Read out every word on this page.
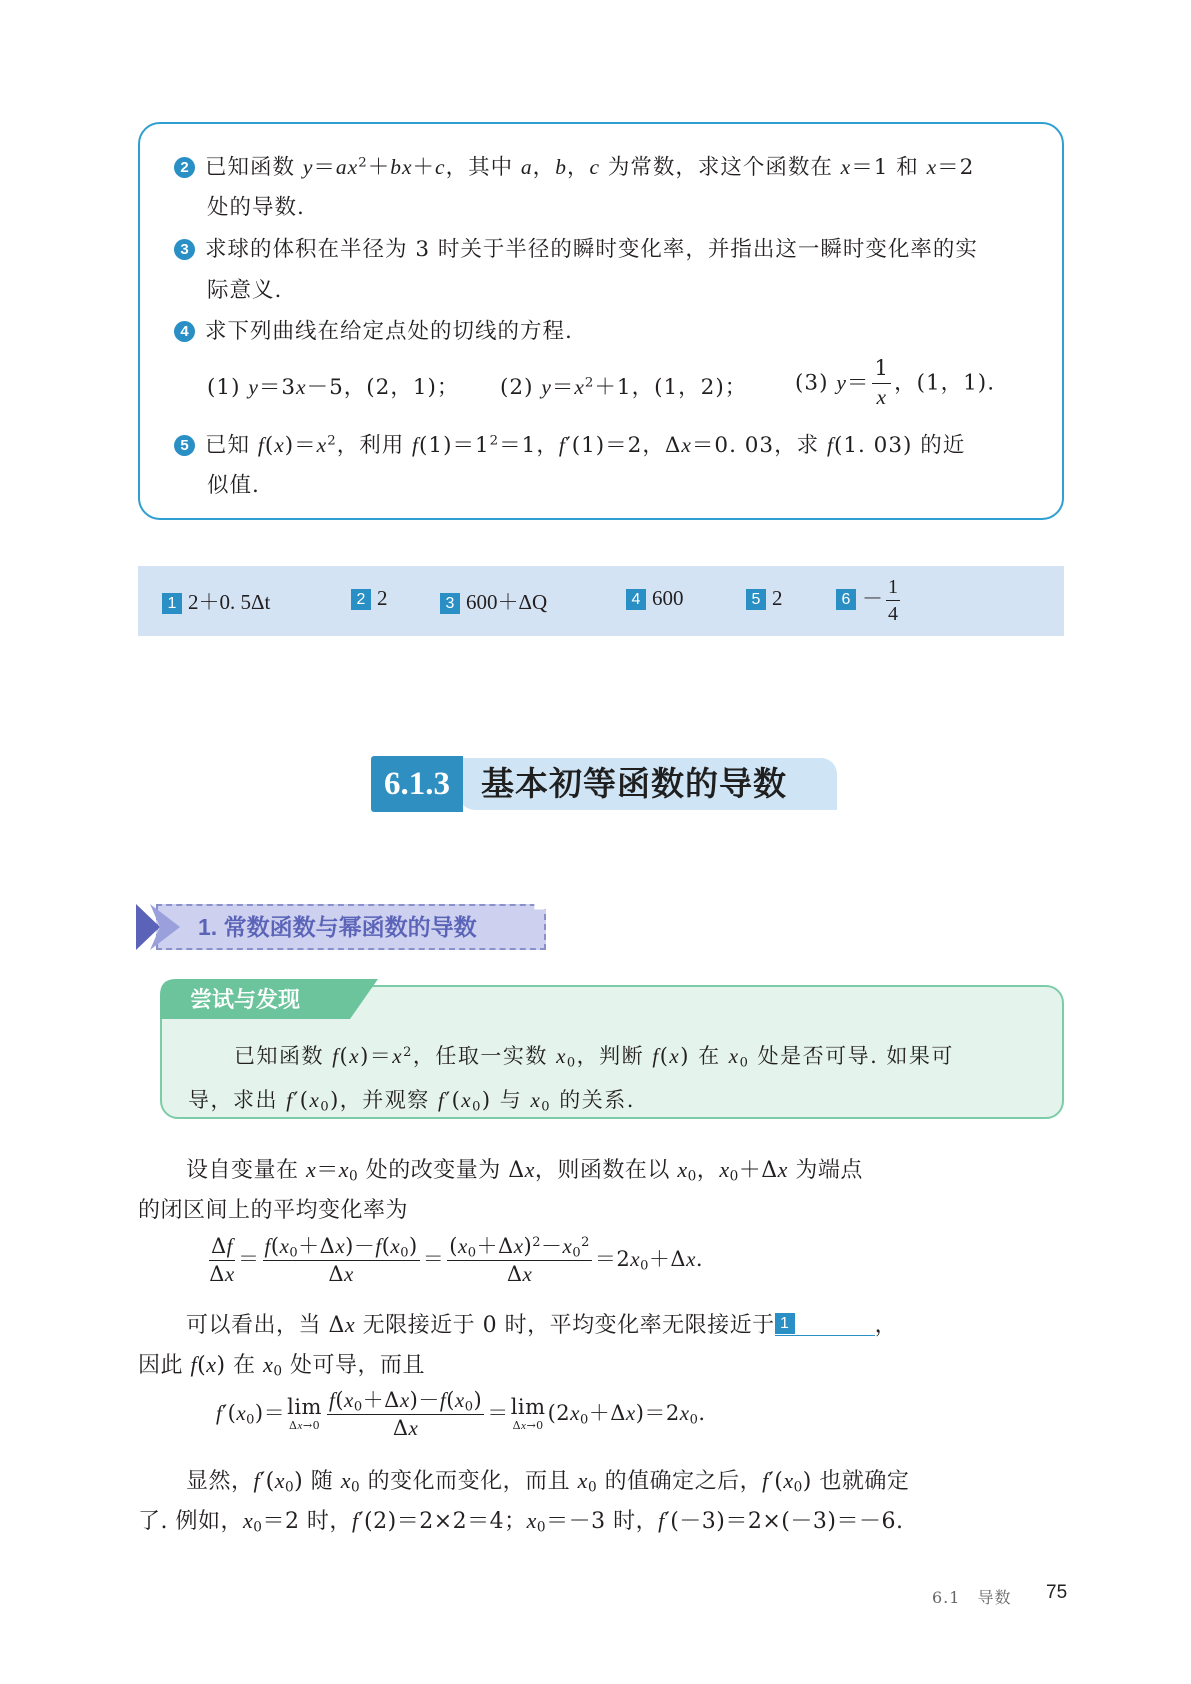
2 已知函数 $y=ax^2+bx+c$，其中 a，b，c 为常数，求这个函数在 x＝1 和 x＝2
处的导数.
3 求球的体积在半径为 3 时关于半径的瞬时变化率，并指出这一瞬时变化率的实
际意义.
4 求下列曲线在给定点处的切线的方程.
(1) y＝3x－5，(2，1)； (2) $y=x^2+1$，(1，2)； (3) $y= \frac{1}{x}$ ，(1，1).
5 已知 $f(x)=x^2$，利用 $f(1)=1^2=1$，f′(1)＝2，Δx＝0. 03，求 f(1. 03) 的近
似值.
1 2＋0. 5Δt	2 2	3 600＋ΔQ	4 600	5 2	$6 - \frac{1}{4}$
6.1.3 基本初等函数的导数
1. 常数函数与幂函数的导数
尝试与发现
已知函数 $f(x)=x^2$，任取一实数 $x_0$，判断 f(x) 在 $x_0$ 处是否可导. 如果可
导，求出 $f'(x_0)$，并观察 $f'(x_0)$ 与 $x_0$ 的关系.
设自变量在 $x=x_0$ 处的改变量为 Δx，则函数在以 $x_0$，$x_0+\Delta x$ 为端点
的闭区间上的平均变化率为
$\frac{\Delta f}{\Delta x} = \frac{f(x_0+\Delta x)-f(x_0)}{\Delta x} = \frac{(x_0+\Delta x)^2-x_0^2}{\Delta x} =2x_0+\Delta x$.
可以看出，当 Δx 无限接近于 0 时，平均变化率无限接近于 1	，
因此 f(x) 在 $x_0$ 处可导，而且
$f'(x_0)= \lim$
$\Delta x\to 0 \frac{f(x_0+\Delta x)-f(x_0)}{\Delta x} = \lim$
Δx→0
$(2x_0+\Delta x)=2x_0$.
显然，$f'(x_0)$ 随 $x_0$ 的变化而变化，而且 $x_0$ 的值确定之后，$f'(x_0)$ 也就确定
了. 例如，$x_0=2$ 时，f′(2)＝2×2＝4；$x_0=-3$ 时，f′(－3)＝2×(－3)＝－6.
6.1　导数 75
